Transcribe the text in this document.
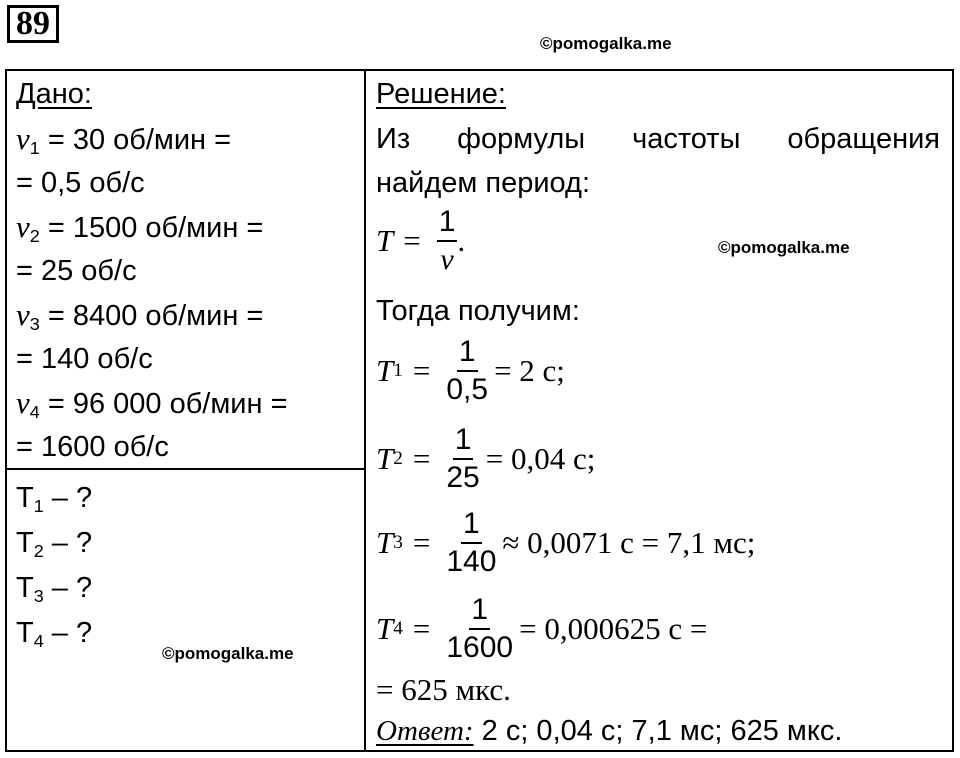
89
©pomogalka.me
©pomogalka.me
©pomogalka.me
Дано:
$\nu_1 = 30$ об/мин =
= 0,5 об/с
$\nu_2 = 1500$ об/мин =
= 25 об/с
$\nu_3 = 8400$ об/мин =
= 140 об/с
$\nu_4 = 96$ 000 об/мин =
= 1600 об/с
$T_1$ – ?
$T_2$ – ?
$T_3$ – ?
$T_4$ – ?
Решение:
Из формулы частоты обращения
найдем период:
$T = \frac{1}{\nu}$ .
Тогда получим:
T $1 = \frac{1}{0,5} = 2$ с;
T $2 = \frac{1}{25} = 0,04$ с;
T $3 = \frac{1}{140} \approx 0,0071$ с = 7,1 мс;
T $4 = \frac{1}{1600} = 0,000625$ с =
= 625 мкс.
Ответ: 2 с; 0,04 с; 7,1 мс; 625 мкс.
